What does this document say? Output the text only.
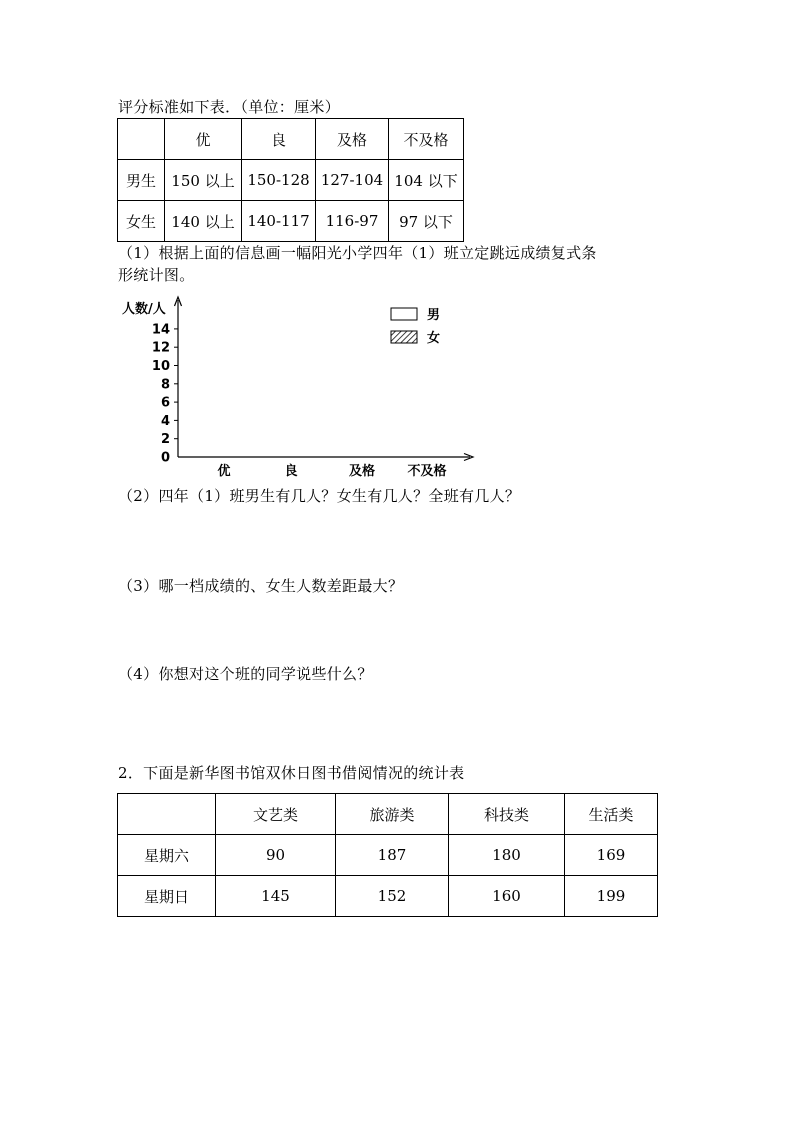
评分标准如下表．（单位：厘米）
	优	良	及格	不及格
男生	150 以上	150-128	127-104	104 以下
女生	140 以上	140-117	116-97	97 以下
（1）根据上面的信息画一幅阳光小学四年（1）班立定跳远成绩复式条
形统计图。
0
2
4
6
8
10
12
14
优	良	及格 不及格
人数/人	男
女
（2）四年（1）班男生有几人？女生有几人？全班有几人？
（3）哪一档成绩的、女生人数差距最大？
（4）你想对这个班的同学说些什么？
2．下面是新华图书馆双休日图书借阅情况的统计表
	文艺类	旅游类	科技类	生活类
星期六	90	187	180	169
星期日	145	152	160	199
